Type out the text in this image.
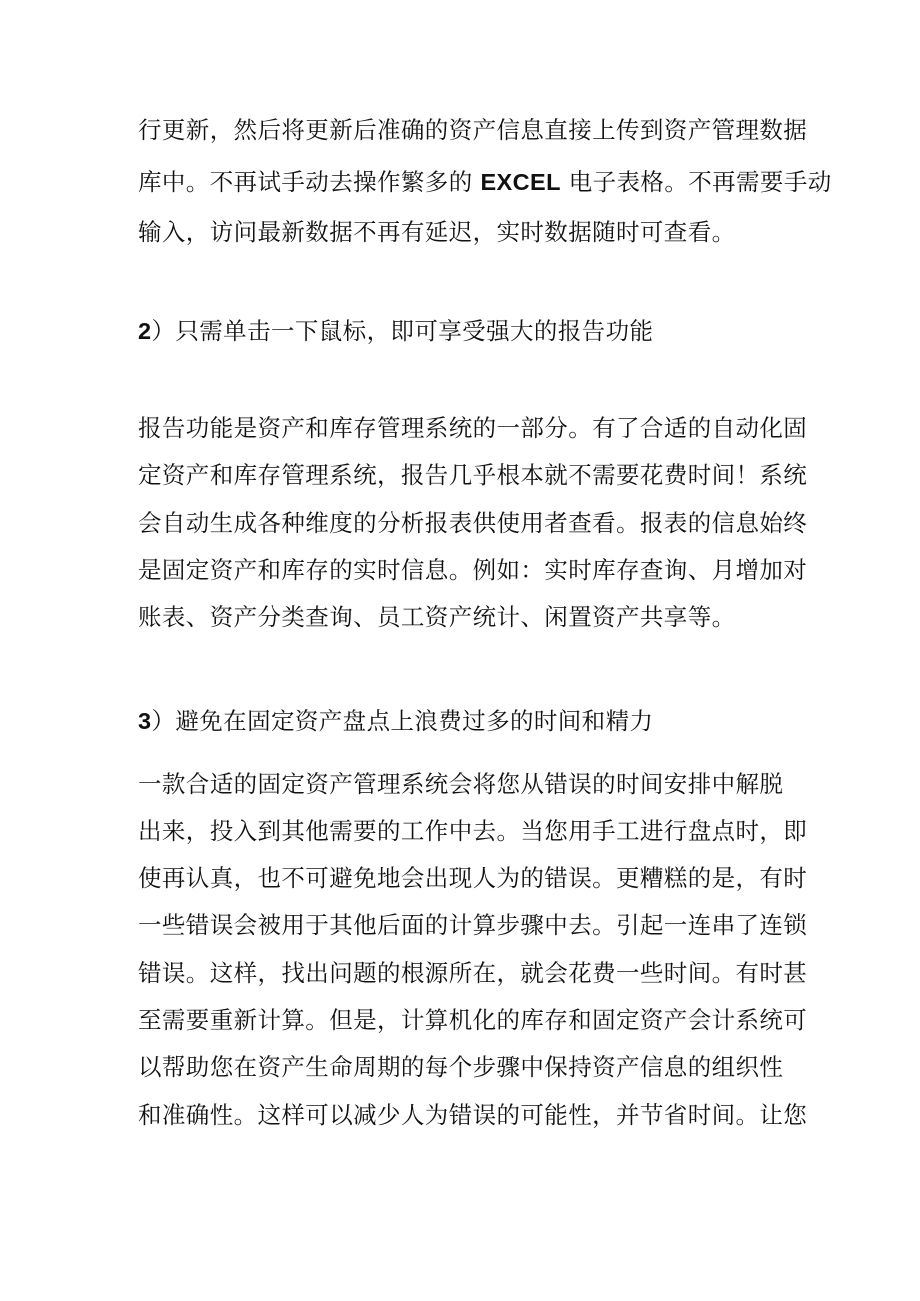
行更新，然后将更新后准确的资产信息直接上传到资产管理数据
库中。不再试手动去操作繁多的 EXCEL 电子表格。不再需要手动
输入，访问最新数据不再有延迟，实时数据随时可查看。
2）只需单击一下鼠标，即可享受强大的报告功能
报告功能是资产和库存管理系统的一部分。有了合适的自动化固
定资产和库存管理系统，报告几乎根本就不需要花费时间！系统
会自动生成各种维度的分析报表供使用者查看。报表的信息始终
是固定资产和库存的实时信息。例如：实时库存查询、月增加对
账表、资产分类查询、员工资产统计、闲置资产共享等。
3）避免在固定资产盘点上浪费过多的时间和精力
一款合适的固定资产管理系统会将您从错误的时间安排中解脱
出来，投入到其他需要的工作中去。当您用手工进行盘点时，即
使再认真，也不可避免地会出现人为的错误。更糟糕的是，有时
一些错误会被用于其他后面的计算步骤中去。引起一连串了连锁
错误。这样，找出问题的根源所在，就会花费一些时间。有时甚
至需要重新计算。但是，计算机化的库存和固定资产会计系统可
以帮助您在资产生命周期的每个步骤中保持资产信息的组织性
和准确性。这样可以减少人为错误的可能性，并节省时间。让您
